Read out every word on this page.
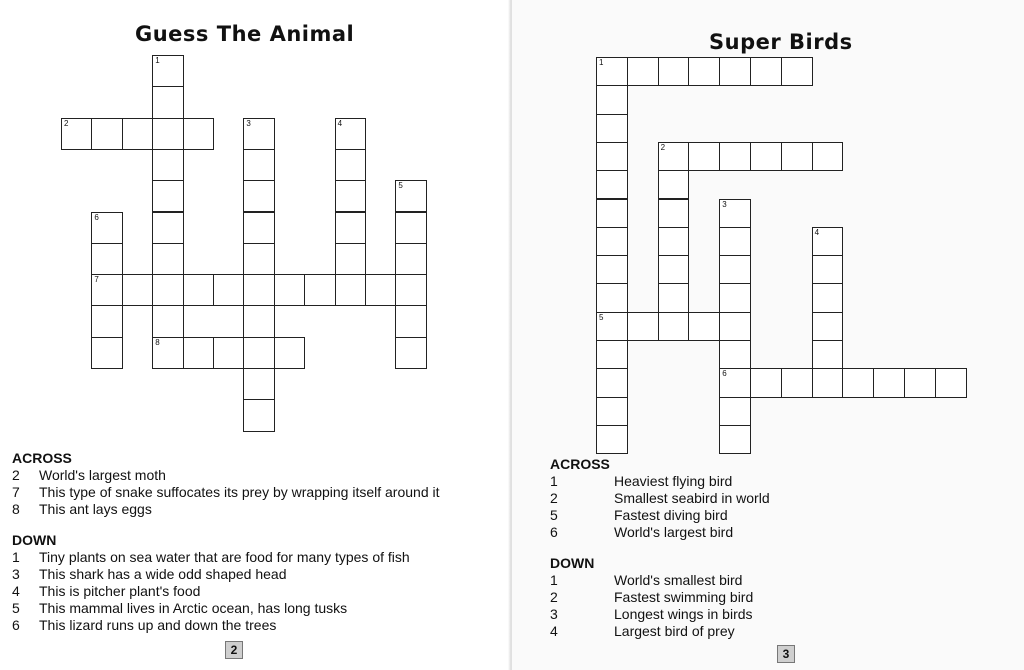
Guess The Animal
1
8
2	3	4
5
6
7
ACROSS
2 World's largest moth
7 This type of snake suffocates its prey by wrapping itself around it
8 This ant lays eggs
DOWN
1 Tiny plants on sea water that are food for many types of fish
3 This shark has a wide odd shaped head
4 This is pitcher plant's food
5 This mammal lives in Arctic ocean, has long tusks
6 This lizard runs up and down the trees
2
Super Birds
1
5
2
3
6
4
ACROSS
1	Heaviest flying bird
2	Smallest seabird in world
5	Fastest diving bird
6	World's largest bird
DOWN
1	World's smallest bird
2	Fastest swimming bird
3	Longest wings in birds
4	Largest bird of prey
3
